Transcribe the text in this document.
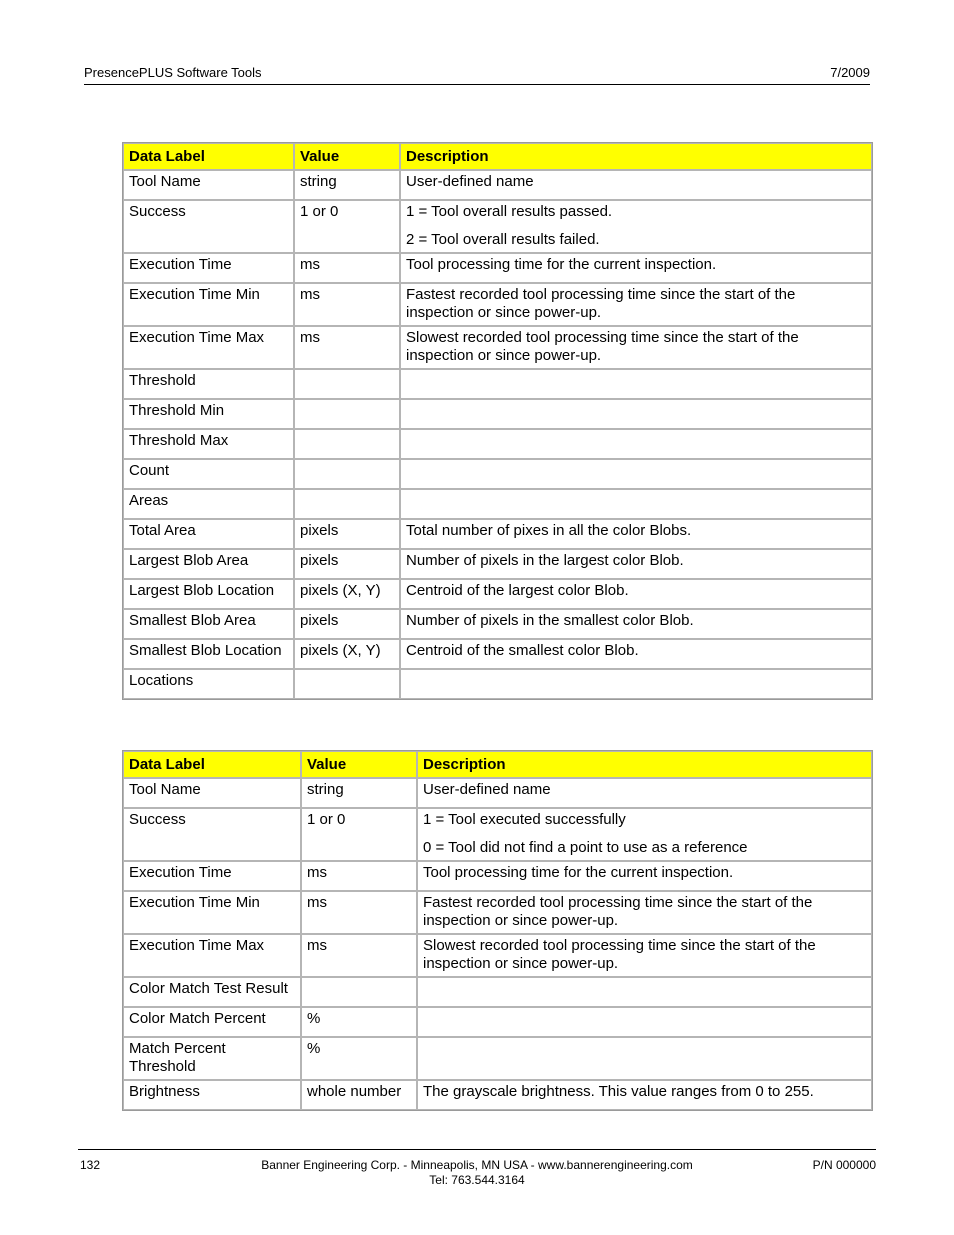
PresencePLUS Software Tools	7/2009
Data Label	Value	Description
Tool Name	string	User-defined name

Success	1 or 0	1 = Tool overall results passed.

2 = Tool overall results failed.

Execution Time	ms	Tool processing time for the current inspection.

Execution Time Min	ms	Fastest recorded tool processing time since the start of the inspection or since power-up.

Execution Time Max	ms	Slowest recorded tool processing time since the start of the inspection or since power-up.

Threshold		

Threshold Min		

Threshold Max		

Count		

Areas		

Total Area	pixels	Total number of pixes in all the color Blobs.

Largest Blob Area	pixels	Number of pixels in the largest color Blob.

Largest Blob Location	pixels (X, Y)	Centroid of the largest color Blob.

Smallest Blob Area	pixels	Number of pixels in the smallest color Blob.

Smallest Blob Location	pixels (X, Y)	Centroid of the smallest color Blob.

Locations		

Data Label	Value	Description
Tool Name	string	User-defined name

Success	1 or 0	1 = Tool executed successfully

0 = Tool did not find a point to use as a reference

Execution Time	ms	Tool processing time for the current inspection.

Execution Time Min	ms	Fastest recorded tool processing time since the start of the inspection or since power-up.

Execution Time Max	ms	Slowest recorded tool processing time since the start of the inspection or since power-up.

Color Match Test Result		

Color Match Percent	%	

Match Percent Threshold	%	

Brightness	whole number	The grayscale brightness. This value ranges from 0 to 255.

132	Banner Engineering Corp. - Minneapolis, MN USA - www.bannerengineering.com
Tel: 763.544.3164
P/N 000000
